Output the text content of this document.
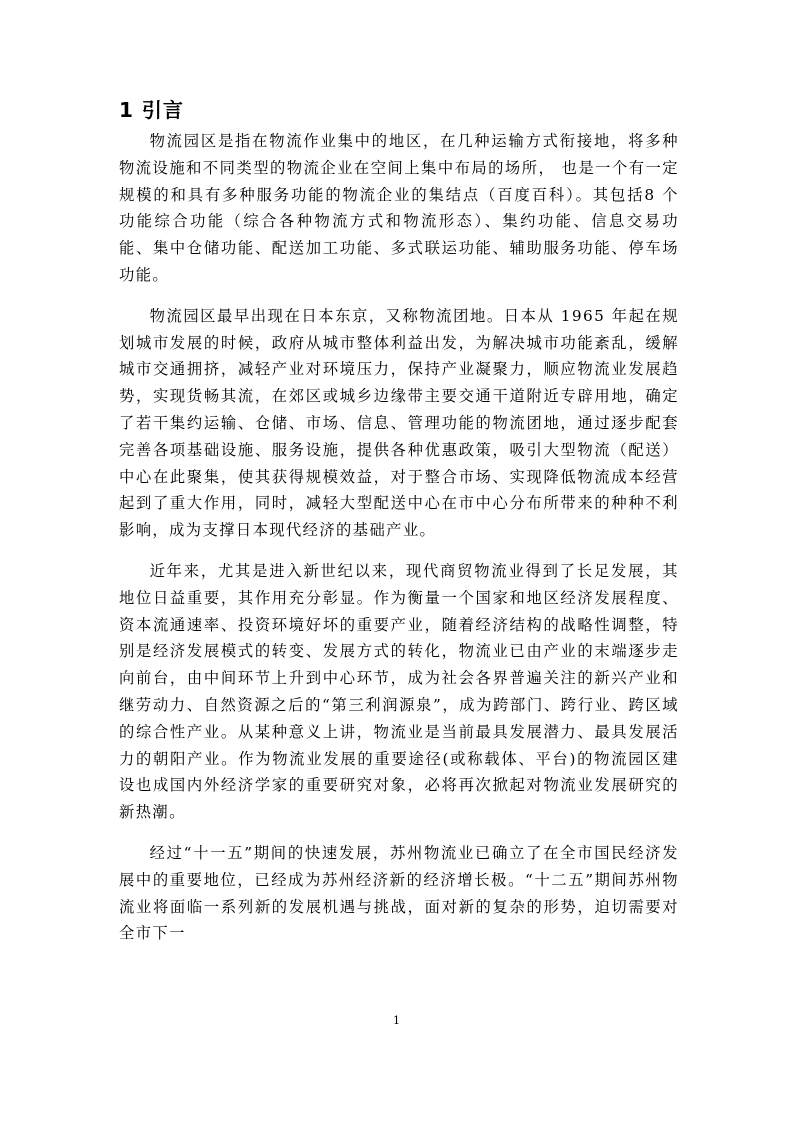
1 引言

物流园区是指在物流作业集中的地区，在几种运输方式衔接地，将多种物流设施和不同类型的物流企业在空间上集中布局的场所， 也是一个有一定规模的和具有多种服务功能的物流企业的集结点（百度百科）。其包括8 个功能综合功能（综合各种物流方式和物流形态）、集约功能、信息交易功能、集中仓储功能、配送加工功能、多式联运功能、辅助服务功能、停车场功能。

物流园区最早出现在日本东京，又称物流团地。日本从 1965 年起在规划城市发展的时候，政府从城市整体利益出发，为解决城市功能紊乱，缓解城市交通拥挤，减轻产业对环境压力，保持产业凝聚力，顺应物流业发展趋势，实现货畅其流，在郊区或城乡边缘带主要交通干道附近专辟用地，确定了若干集约运输、仓储、市场、信息、管理功能的物流团地，通过逐步配套完善各项基础设施、服务设施，提供各种优惠政策，吸引大型物流（配送） 中心在此聚集，使其获得规模效益，对于整合市场、实现降低物流成本经营起到了重大作用，同时，减轻大型配送中心在市中心分布所带来的种种不利影响，成为支撑日本现代经济的基础产业。

近年来，尤其是进入新世纪以来，现代商贸物流业得到了长足发展，其地位日益重要，其作用充分彰显。作为衡量一个国家和地区经济发展程度、资本流通速率、投资环境好坏的重要产业，随着经济结构的战略性调整，特别是经济发展模式的转变、发展方式的转化，物流业已由产业的末端逐步走向前台，由中间环节上升到中心环节，成为社会各界普遍关注的新兴产业和继劳动力、自然资源之后的“第三利润源泉”，成为跨部门、跨行业、跨区域的综合性产业。从某种意义上讲，物流业是当前最具发展潜力、最具发展活力的朝阳产业。作为物流业发展的重要途径(或称载体、平台)的物流园区建设也成国内外经济学家的重要研究对象，必将再次掀起对物流业发展研究的新热潮。

经过“十一五”期间的快速发展，苏州物流业已确立了在全市国民经济发展中的重要地位，已经成为苏州经济新的经济增长极。“十二五”期间苏州物流业将面临一系列新的发展机遇与挑战，面对新的复杂的形势，迫切需要对全市下一

1
